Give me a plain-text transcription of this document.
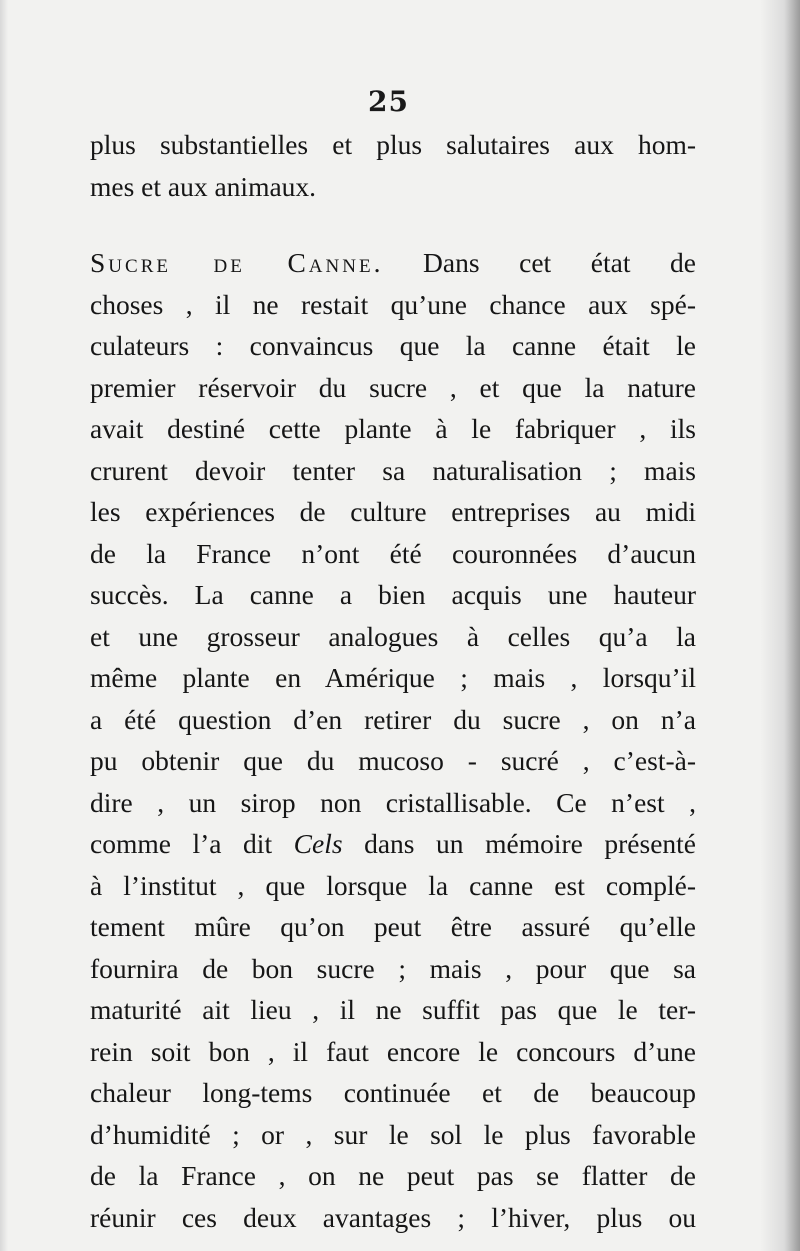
25
plus substantielles et plus salutaires aux hom-
mes et aux animaux.
Sucre de Canne. Dans cet état de
choses , il ne restait qu’une chance aux spé-
culateurs : convaincus que la canne était le
premier réservoir du sucre , et que la nature
avait destiné cette plante à le fabriquer , ils
crurent devoir tenter sa naturalisation ; mais
les expériences de culture entreprises au midi
de la France n’ont été couronnées d’aucun
succès. La canne a bien acquis une hauteur
et une grosseur analogues à celles qu’a la
même plante en Amérique ; mais , lorsqu’il
a été question d’en retirer du sucre , on n’a
pu obtenir que du mucoso - sucré , c’est-à-
dire , un sirop non cristallisable. Ce n’est ,
comme l’a dit Cels dans un mémoire présenté
à l’institut , que lorsque la canne est complé-
tement mûre qu’on peut être assuré qu’elle
fournira de bon sucre ; mais , pour que sa
maturité ait lieu , il ne suffit pas que le ter-
rein soit bon , il faut encore le concours d’une
chaleur long-tems continuée et de beaucoup
d’humidité ; or , sur le sol le plus favorable
de la France , on ne peut pas se flatter de
réunir ces deux avantages ; l’hiver, plus ou
